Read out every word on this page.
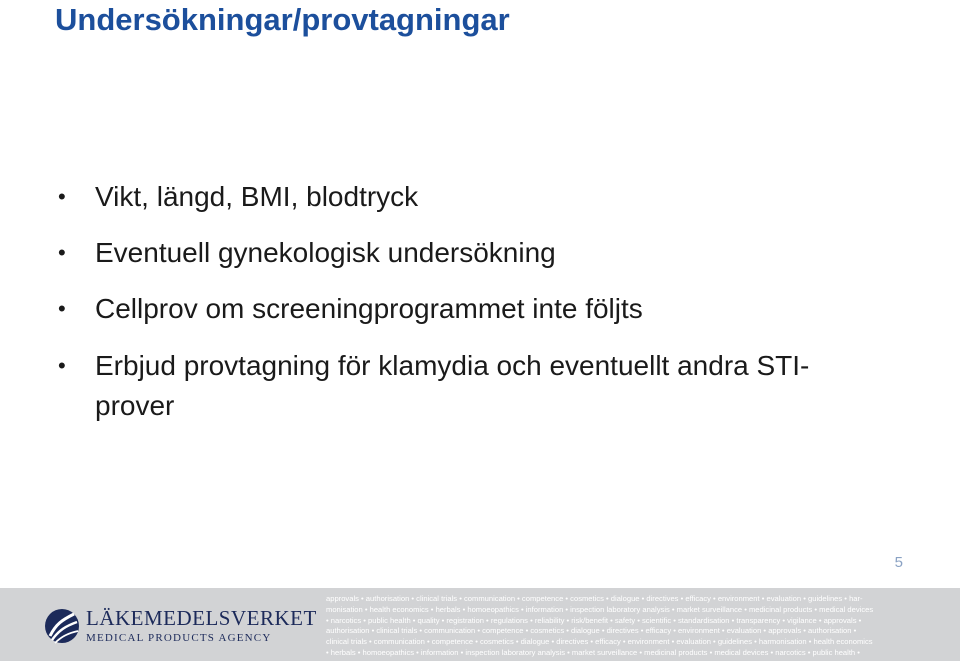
Undersökningar/provtagningar
•	Vikt, längd, BMI, blodtryck
•	Eventuell gynekologisk undersökning
•	Cellprov om screeningprogrammet inte följts
•	Erbjud provtagning för klamydia och eventuellt andra STI-prover
5
LÄKEMEDELSVERKET
MEDICAL PRODUCTS AGENCY
approvals • authorisation • clinical trials • communication • competence • cosmetics • dialogue • directives • efficacy • environment • evaluation • guidelines • har-
monisation • health economics • herbals • homoeopathics • information • inspection laboratory analysis • market surveillance • medicinal products • medical devices
• narcotics • public health • quality • registration • regulations • reliability • risk/benefit • safety • scientific • standardisation • transparency • vigilance • approvals •
authorisation • clinical trials • communication • competence • cosmetics • dialogue • directives • efficacy • environment • evaluation • approvals • authorisation •
clinical trials • communication • competence • cosmetics • dialogue • directives • efficacy • environment • evaluation • guidelines • harmonisation • health economics
• herbals • homoeopathics • information • inspection laboratory analysis • market surveillance • medicinal products • medical devices • narcotics • public health •
